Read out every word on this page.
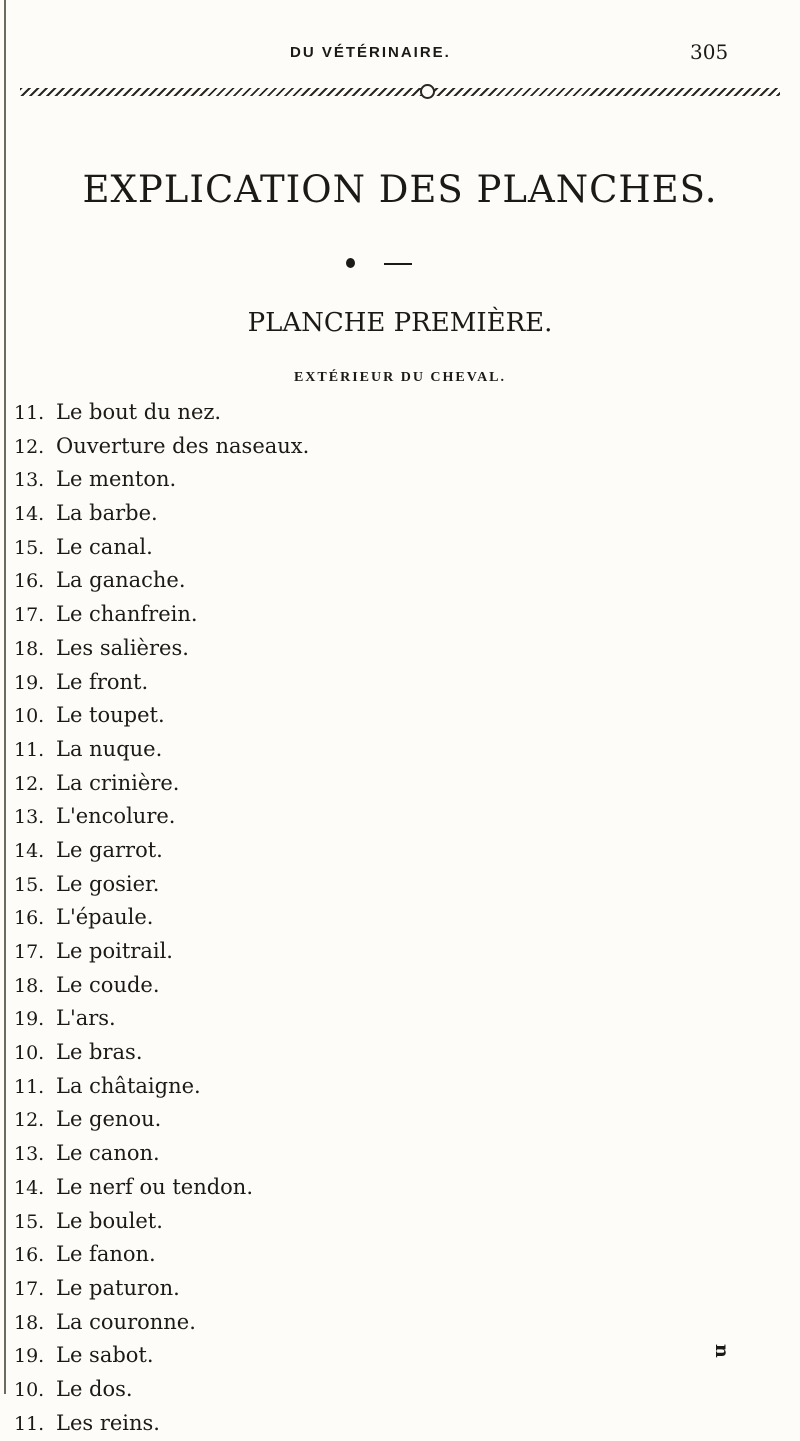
DU VÉTÉRINAIRE.	305
EXPLICATION DES PLANCHES.
PLANCHE PREMIÈRE.
EXTÉRIEUR DU CHEVAL.
11. Le bout du nez.
12. Ouverture des naseaux.
13. Le menton.
14. La barbe.
15. Le canal.
16. La ganache.
17. Le chanfrein.
18. Les salières.
19. Le front.
10. Le toupet.
11. La nuque.
12. La crinière.
13. L'encolure.
14. Le garrot.
15. Le gosier.
16. L'épaule.
17. Le poitrail.
18. Le coude.
19. L'ars.
10. Le bras.
11. La châtaigne.
12. Le genou.
13. Le canon.
14. Le nerf ou tendon.
15. Le boulet.
16. Le fanon.
17. Le paturon.
18. La couronne.
19. Le sabot.
10. Le dos.
11. Les reins.
n
